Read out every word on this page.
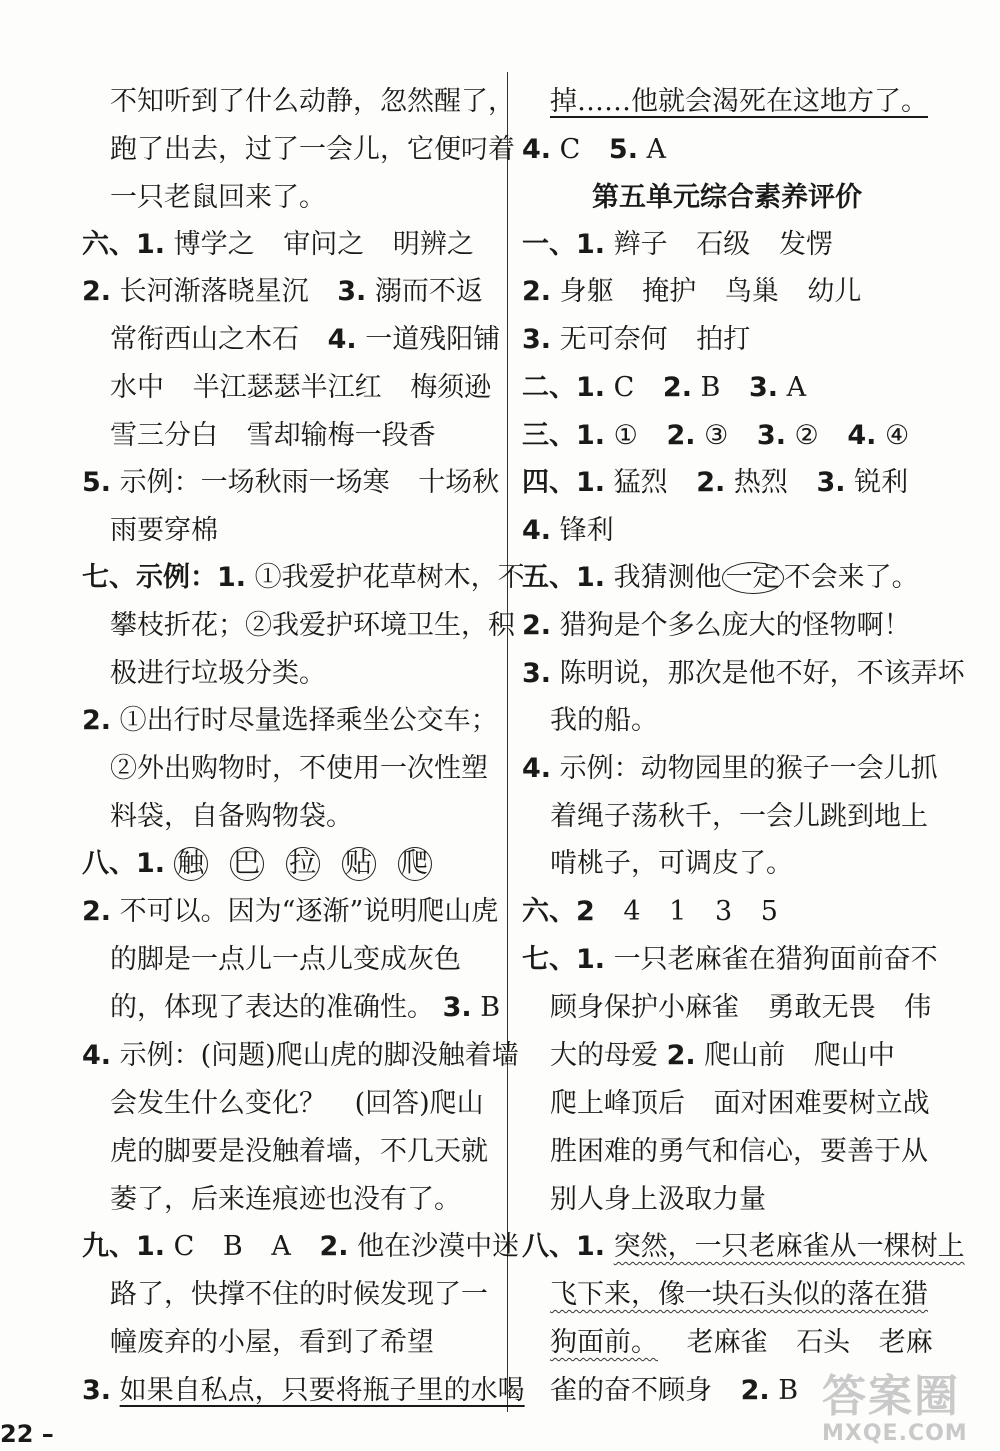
不知听到了什么动静，忽然醒了，
跑了出去，过了一会儿，它便叼着
一只老鼠回来了。
六、1. 博学之 审问之 明辨之
2. 长河渐落晓星沉 3. 溺而不返
常衔西山之木石 4. 一道残阳铺
水中 半江瑟瑟半江红 梅须逊
雪三分白 雪却输梅一段香
5. 示例：一场秋雨一场寒 十场秋
雨要穿棉
七、示例：1. ①我爱护花草树木，不
攀枝折花；②我爱护环境卫生，积
极进行垃圾分类。
2. ①出行时尽量选择乘坐公交车；
②外出购物时，不使用一次性塑
料袋，自备购物袋。
八、1. 触 巴 拉 贴 爬
2. 不可以。因为“逐渐”说明爬山虎
的脚是一点儿一点儿变成灰色
的，体现了表达的准确性。 3. B
4. 示例：(问题)爬山虎的脚没触着墙
会发生什么变化？ (回答)爬山
虎的脚要是没触着墙，不几天就
萎了，后来连痕迹也没有了。
九、1. C B A 2. 他在沙漠中迷
路了，快撑不住的时候发现了一
幢废弃的小屋，看到了希望
3. 如果自私点，只要将瓶子里的水喝
掉……他就会渴死在这地方了。
4. C 5. A
第五单元综合素养评价
一、1. 辫子 石级 发愣
2. 身躯 掩护 鸟巢 幼儿
3. 无可奈何 拍打
二、1. C 2. B 3. A
三、1. ① 2. ③ 3. ② 4. ④
四、1. 猛烈 2. 热烈 3. 锐利
4. 锋利
五、1. 我猜测他 一定 不会来了。
2. 猎狗是个多么庞大的怪物啊！
3. 陈明说，那次是他不好，不该弄坏
我的船。
4. 示例：动物园里的猴子一会儿抓
着绳子荡秋千，一会儿跳到地上
啃桃子，可调皮了。
六、2 4 1 3 5
七、1. 一只老麻雀在猎狗面前奋不
顾身保护小麻雀 勇敢无畏 伟
大的母爱 2. 爬山前 爬山中
爬上峰顶后 面对困难要树立战
胜困难的勇气和信心，要善于从
别人身上汲取力量
八、1. 突然，一只老麻雀从一棵树上
飞下来，像一块石头似的落在猎
狗面前。 老麻雀 石头 老麻
雀的奋不顾身 2. B
22 –
答案圈
MXQE.COM
